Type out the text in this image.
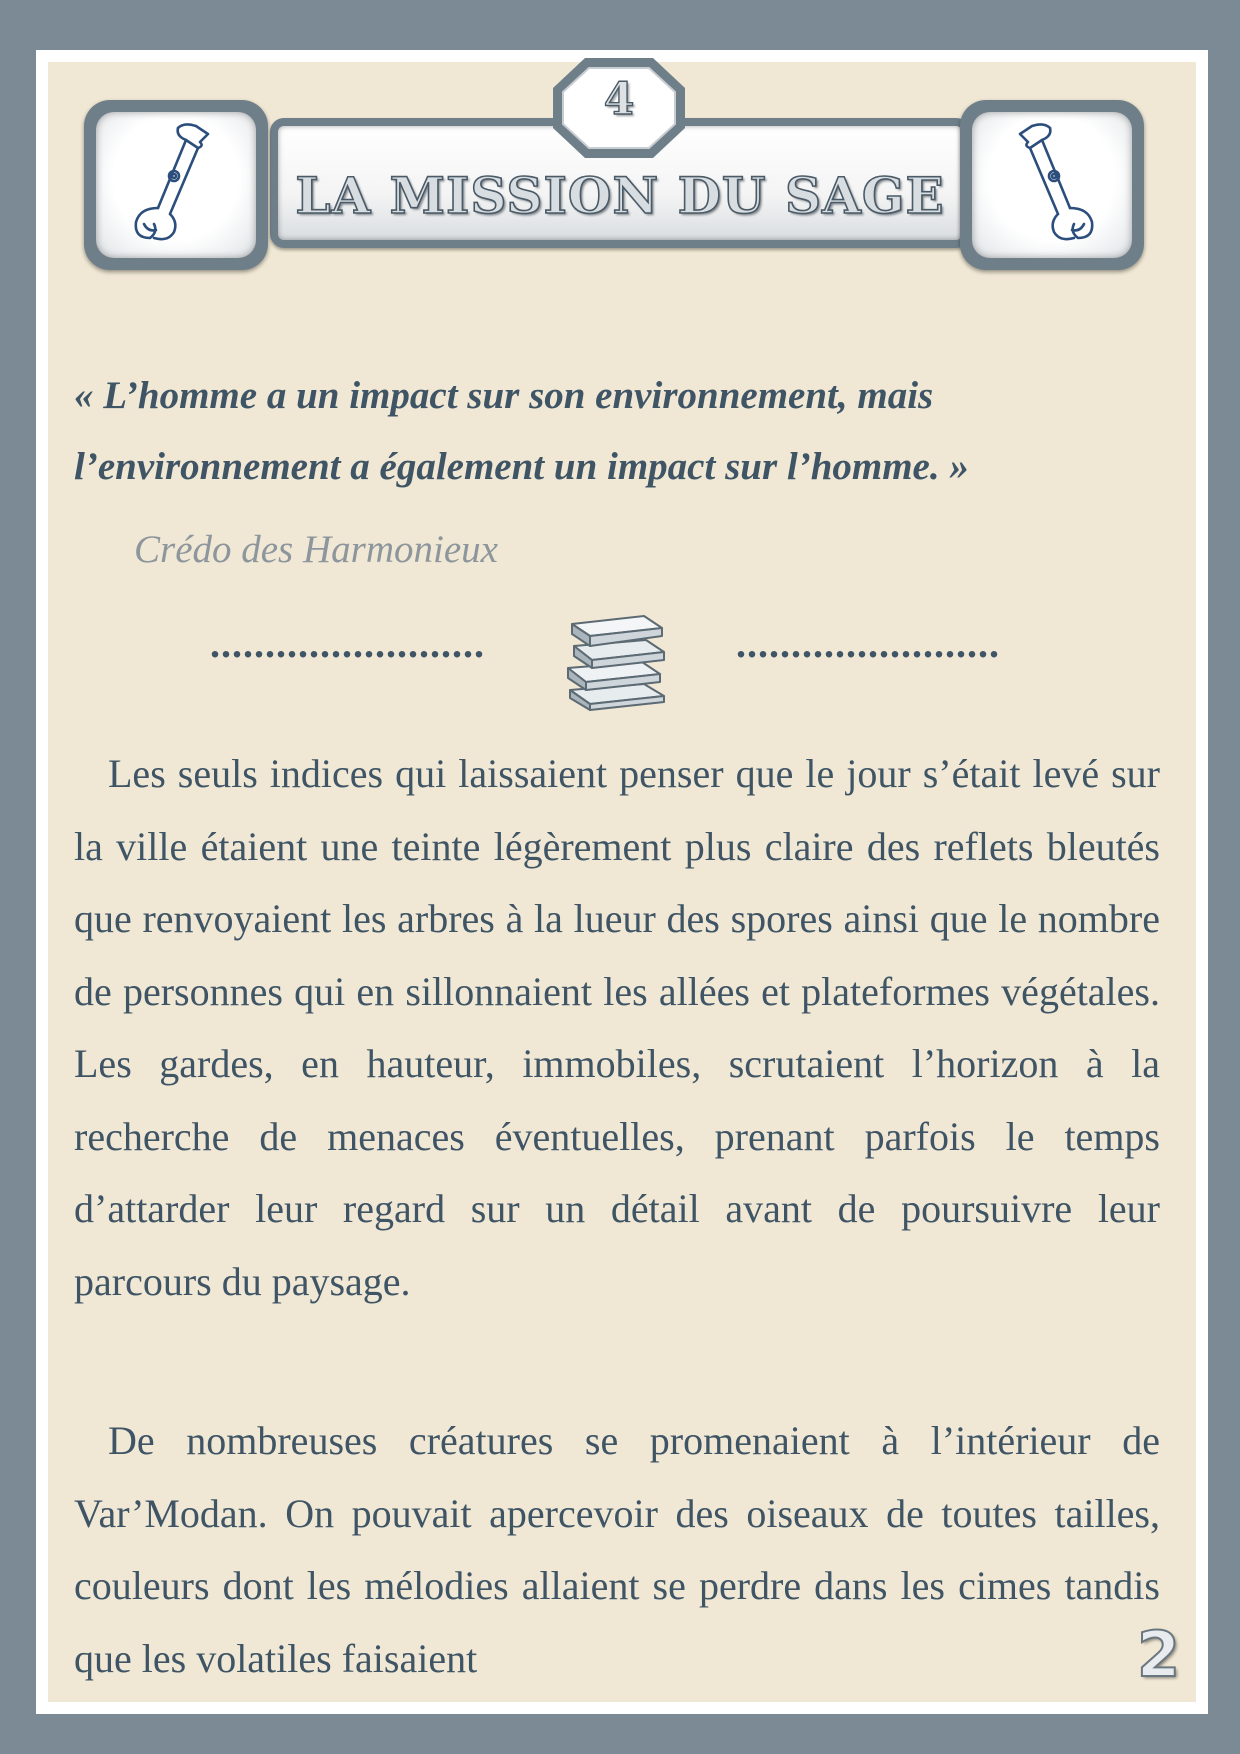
LA MISSION DU SAGE
4

« L’homme a un impact sur son environnement, mais l’environnement a également un impact sur l’homme. »

Crédo des Harmonieux

.........................	........................

Les seuls indices qui laissaient penser que le jour s’était levé sur la ville étaient une teinte légèrement plus claire des reflets bleutés que renvoyaient les arbres à la lueur des spores ainsi que le nombre de personnes qui en sillonnaient les allées et plateformes végétales. Les gardes, en hauteur, immobiles, scrutaient l’horizon à la recherche de menaces éventuelles, prenant parfois le temps d’attarder leur regard sur un détail avant de poursuivre leur parcours du paysage.

De nombreuses créatures se promenaient à l’intérieur de Var’Modan. On pouvait apercevoir des oiseaux de toutes tailles, couleurs dont les mélodies allaient se perdre dans les cimes tandis que les volatiles faisaient	2
